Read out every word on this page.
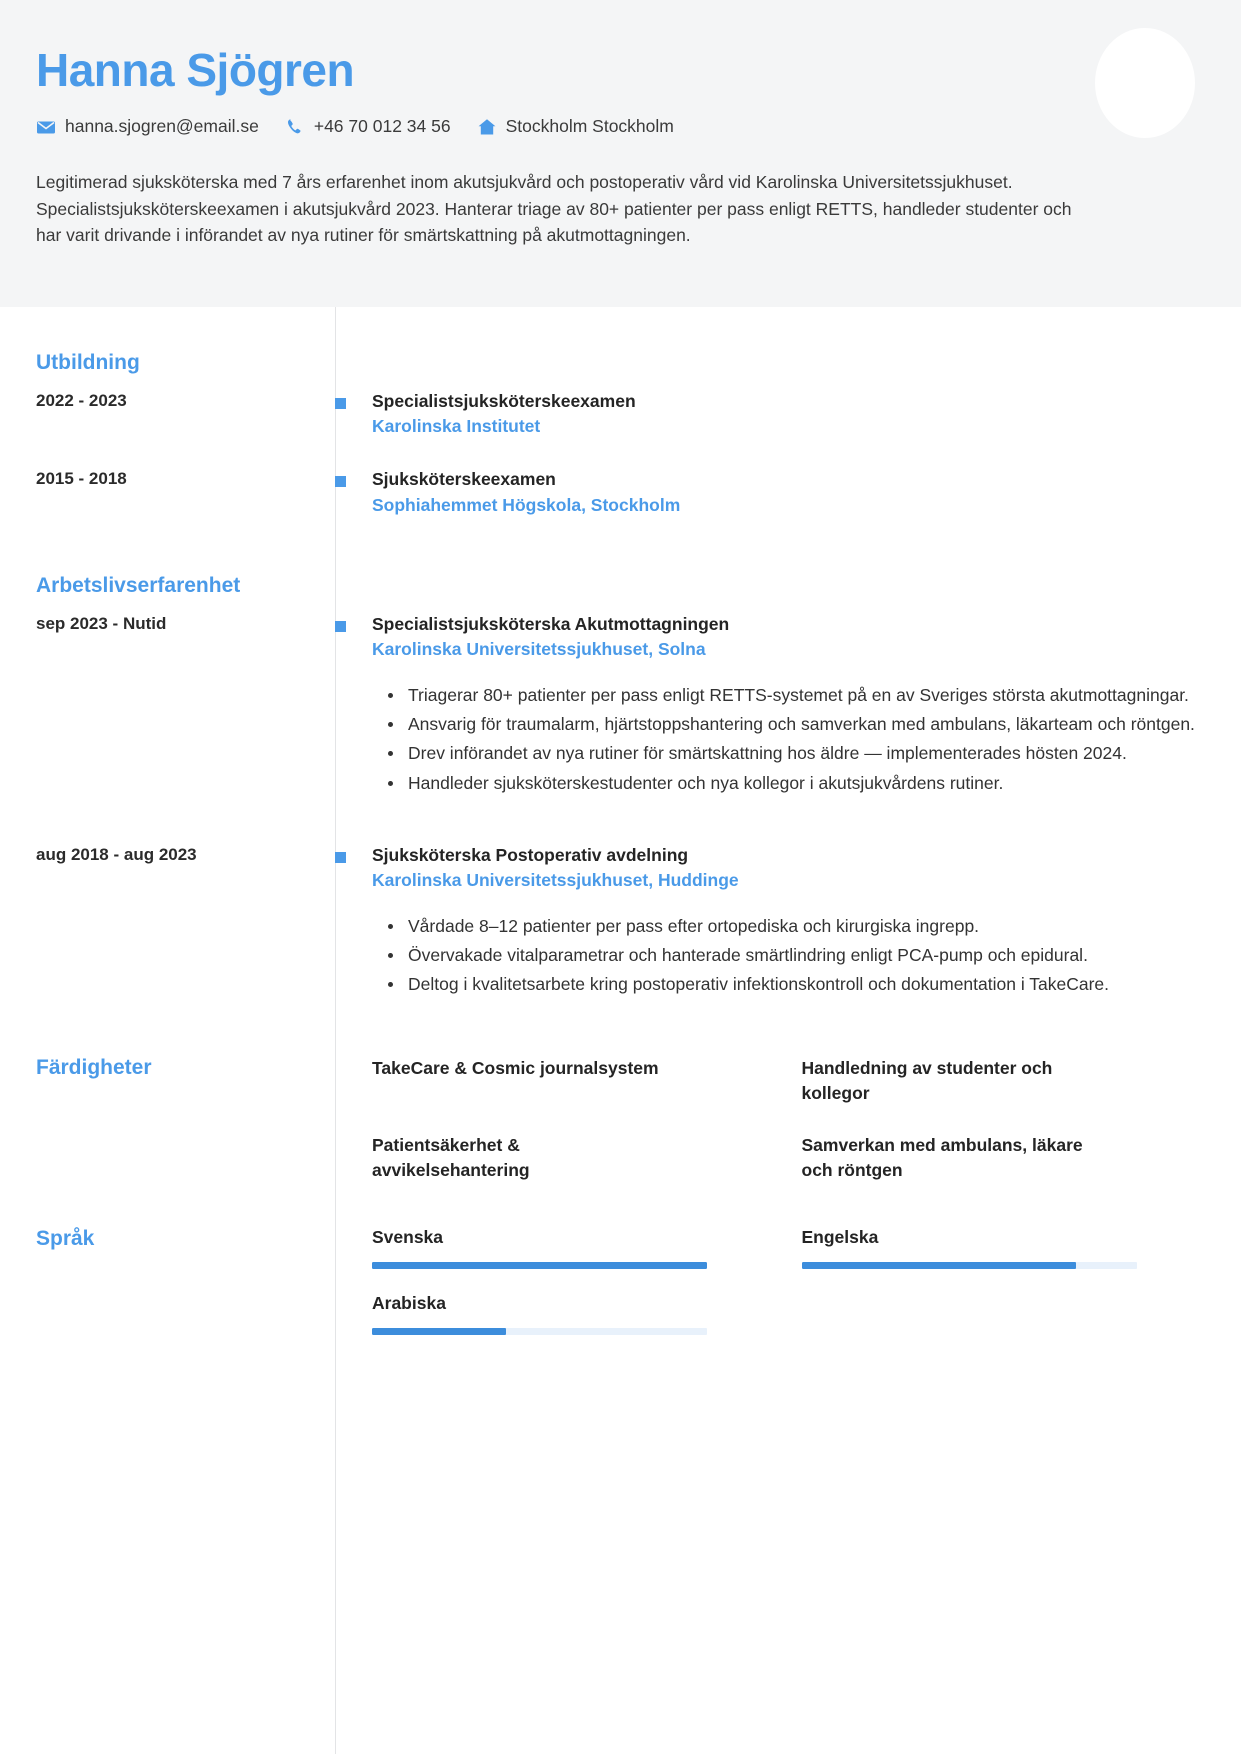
Hanna Sjögren
hanna.sjogren@email.se	+46 70 012 34 56	Stockholm Stockholm

Legitimerad sjuksköterska med 7 års erfarenhet inom akutsjukvård och postoperativ vård vid Karolinska Universitetssjukhuset. Specialistsjuksköterskeexamen i akutsjukvård 2023. Hanterar triage av 80+ patienter per pass enligt RETTS, handleder studenter och har varit drivande i införandet av nya rutiner för smärtskattning på akutmottagningen.

Utbildning
2022 - 2023	Specialistsjuksköterskeexamen
Karolinska Institutet
2015 - 2018	Sjuksköterskeexamen
Sophiahemmet Högskola, Stockholm
Arbetslivserfarenhet
sep 2023 - Nutid	Specialistsjuksköterska Akutmottagningen
Karolinska Universitetssjukhuset, Solna
Triagerar 80+ patienter per pass enligt RETTS-systemet på en av Sveriges största akutmottagningar.
Ansvarig för traumalarm, hjärtstoppshantering och samverkan med ambulans, läkarteam och röntgen.
Drev införandet av nya rutiner för smärtskattning hos äldre — implementerades hösten 2024.
Handleder sjuksköterskestudenter och nya kollegor i akutsjukvårdens rutiner.
aug 2018 - aug 2023	Sjuksköterska Postoperativ avdelning
Karolinska Universitetssjukhuset, Huddinge
Vårdade 8–12 patienter per pass efter ortopediska och kirurgiska ingrepp.
Övervakade vitalparametrar och hanterade smärtlindring enligt PCA-pump och epidural.
Deltog i kvalitetsarbete kring postoperativ infektionskontroll och dokumentation i TakeCare.
Färdigheter	TakeCare & Cosmic journalsystem	Handledning av studenter och kollegor
Patientsäkerhet & avvikelsehantering
Samverkan med ambulans, läkare och röntgen
Språk	Svenska	Engelska
Arabiska
